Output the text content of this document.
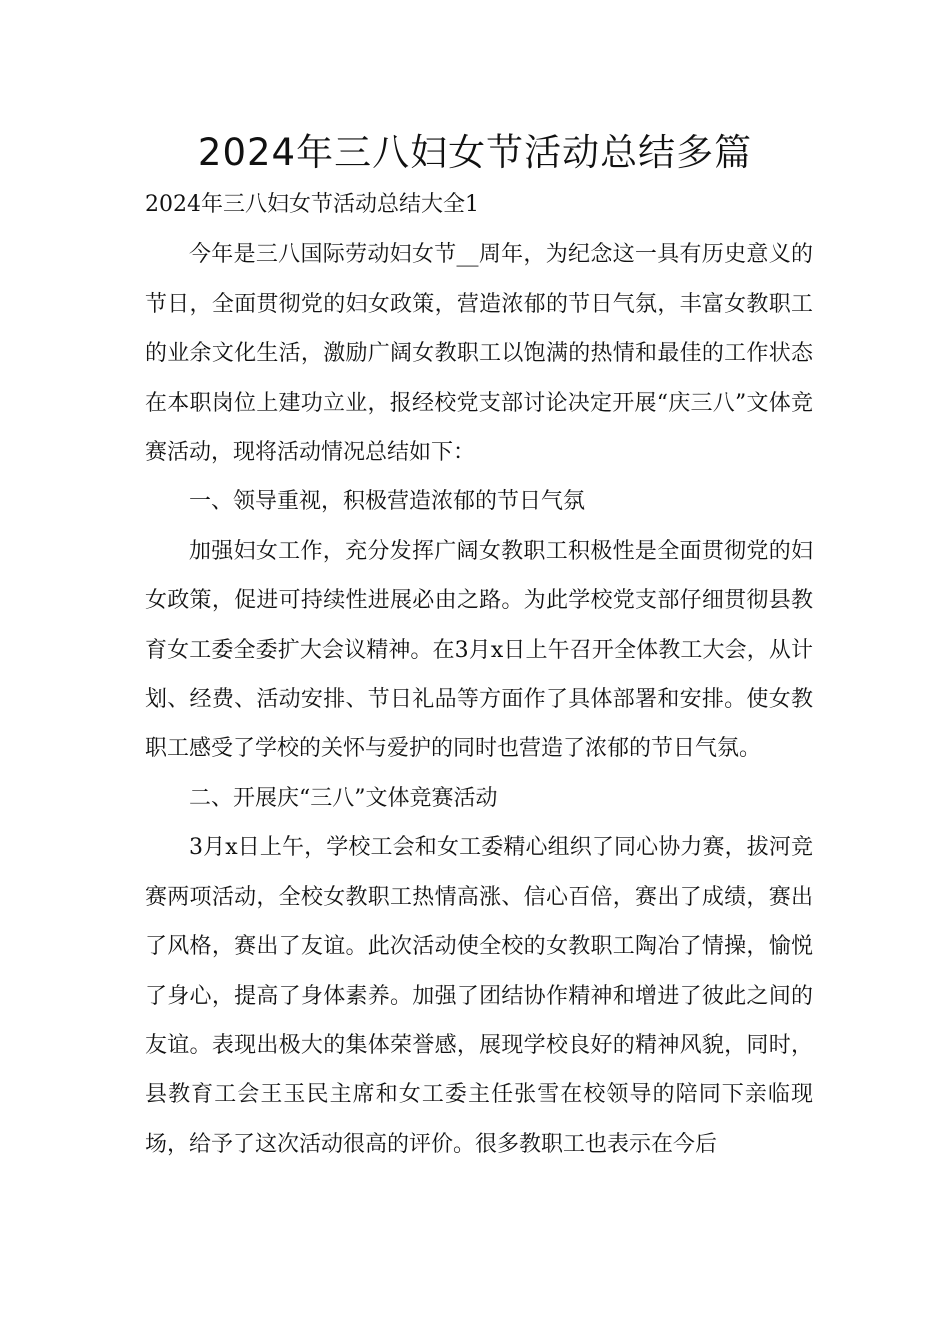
2024年三八妇女节活动总结多篇

2024年三八妇女节活动总结大全1

今年是三八国际劳动妇女节__周年，为纪念这一具有历史意义的节日，全面贯彻党的妇女政策，营造浓郁的节日气氛，丰富女教职工的业余文化生活，激励广阔女教职工以饱满的热情和最佳的工作状态在本职岗位上建功立业，报经校党支部讨论决定开展“庆三八”文体竞赛活动，现将活动情况总结如下：

一、领导重视，积极营造浓郁的节日气氛

加强妇女工作，充分发挥广阔女教职工积极性是全面贯彻党的妇女政策，促进可持续性进展必由之路。为此学校党支部仔细贯彻县教育女工委全委扩大会议精神。在3月x日上午召开全体教工大会，从计划、经费、活动安排、节日礼品等方面作了具体部署和安排。使女教职工感受了学校的关怀与爱护的同时也营造了浓郁的节日气氛。

二、开展庆“三八”文体竞赛活动

3月x日上午，学校工会和女工委精心组织了同心协力赛，拔河竞赛两项活动，全校女教职工热情高涨、信心百倍，赛出了成绩，赛出了风格，赛出了友谊。此次活动使全校的女教职工陶冶了情操，愉悦了身心，提高了身体素养。加强了团结协作精神和增进了彼此之间的友谊。表现出极大的集体荣誉感，展现学校良好的精神风貌，同时，县教育工会王玉民主席和女工委主任张雪在校领导的陪同下亲临现场，给予了这次活动很高的评价。很多教职工也表示在今后
